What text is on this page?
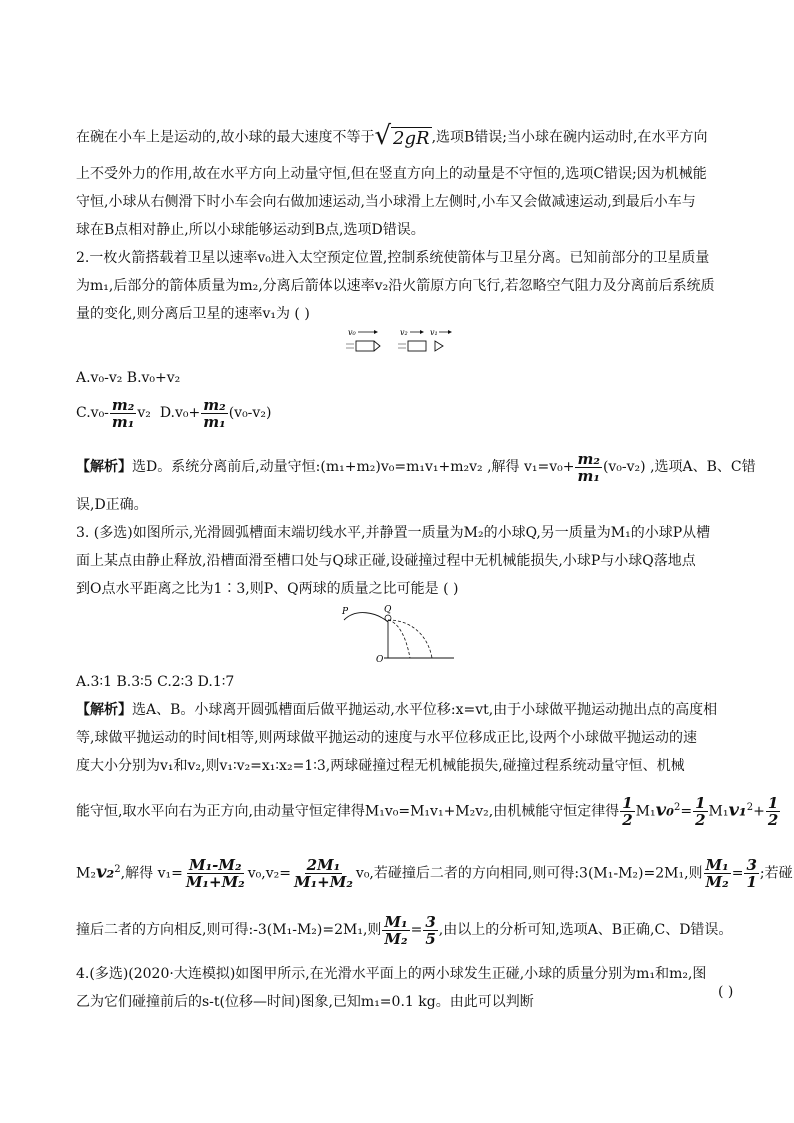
在碗在小车上是运动的,故小球的最大速度不等于√ 2gR ,选项B错误;当小球在碗内运动时,在水平方向
上不受外力的作用,故在水平方向上动量守恒,但在竖直方向上的动量是不守恒的,选项C错误;因为机械能
守恒,小球从右侧滑下时小车会向右做加速运动,当小球滑上左侧时,小车又会做减速运动,到最后小车与
球在B点相对静止,所以小球能够运动到B点,选项D错误。
2.一枚火箭搭载着卫星以速率v₀进入太空预定位置,控制系统使箭体与卫星分离。已知前部分的卫星质量
为m₁,后部分的箭体质量为m₂,分离后箭体以速率v₂沿火箭原方向飞行,若忽略空气阻力及分离前后系统质
量的变化,则分离后卫星的速率v₁为 ( )
v₀	v₂	v₁
A.v₀-v₂ B.v₀+v₂
$C.v_0- \frac{\text{m₂}}{\text{m₁}} v_2$ $D.v_0+ \frac{\text{m₂}}{\text{m₁}} (v_0-v_2)$
【解析】选D。系统分离前后,动量守恒:(m₁+m₂)v₀=m₁v₁+m₂v₂ ,解得 $v_1=v_0+ \frac{\text{m₂}}{\text{m₁}} (v_0-v_2)$ ,选项A、B、C错
误,D正确。
3. (多选)如图所示,光滑圆弧槽面末端切线水平,并静置一质量为M₂的小球Q,另一质量为M₁的小球P从槽
面上某点由静止释放,沿槽面滑至槽口处与Q球正碰,设碰撞过程中无机械能损失,小球P与小球Q落地点
到O点水平距离之比为1∶3,则P、Q两球的质量之比可能是 ( )
P	Q
O
A.3∶1 B.3∶5 C.2∶3 D.1∶7
【解析】选A、B。小球离开圆弧槽面后做平抛运动,水平位移:x=vt,由于小球做平抛运动抛出点的高度相
等,球做平抛运动的时间t相等,则两球做平抛运动的速度与水平位移成正比,设两个小球做平抛运动的速
度大小分别为v₁和v₂,则v₁∶v₂=x₁∶x₂=1∶3,两球碰撞过程无机械能损失,碰撞过程系统动量守恒、机械
能守恒,取水平向右为正方向,由动量守恒定律得M₁v₀=M₁v₁+M₂v₂,由机械能守恒定律得 $\frac{1}{2} M_1v_0^2= \frac{1}{2} M_1v_1^2+ \frac{1}{2}$
M₂v₂$^2$,解得 $v_1= \frac{\text{M₁-M₂}}{\text{M₁+M₂}} v_0,v_2= \frac{\text{2M₁}}{\text{M₁+M₂}} v_0$,若碰撞后二者的方向相同,则可得:3(M₁-M₂)=2M₁,则 $\frac{\text{M₁}}{\text{M₂}} = \frac{3}{1}$ ;若碰
撞后二者的方向相反,则可得:-3(M₁-M₂)=2M₁,则 $\frac{\text{M₁}}{\text{M₂}} = \frac{3}{5}$ ,由以上的分析可知,选项A、B正确,C、D错误。
4.(多选)(2020·大连模拟)如图甲所示,在光滑水平面上的两小球发生正碰,小球的质量分别为m₁和m₂,图
( )
乙为它们碰撞前后的s-t(位移—时间)图象,已知m₁=0.1 kg。由此可以判断
